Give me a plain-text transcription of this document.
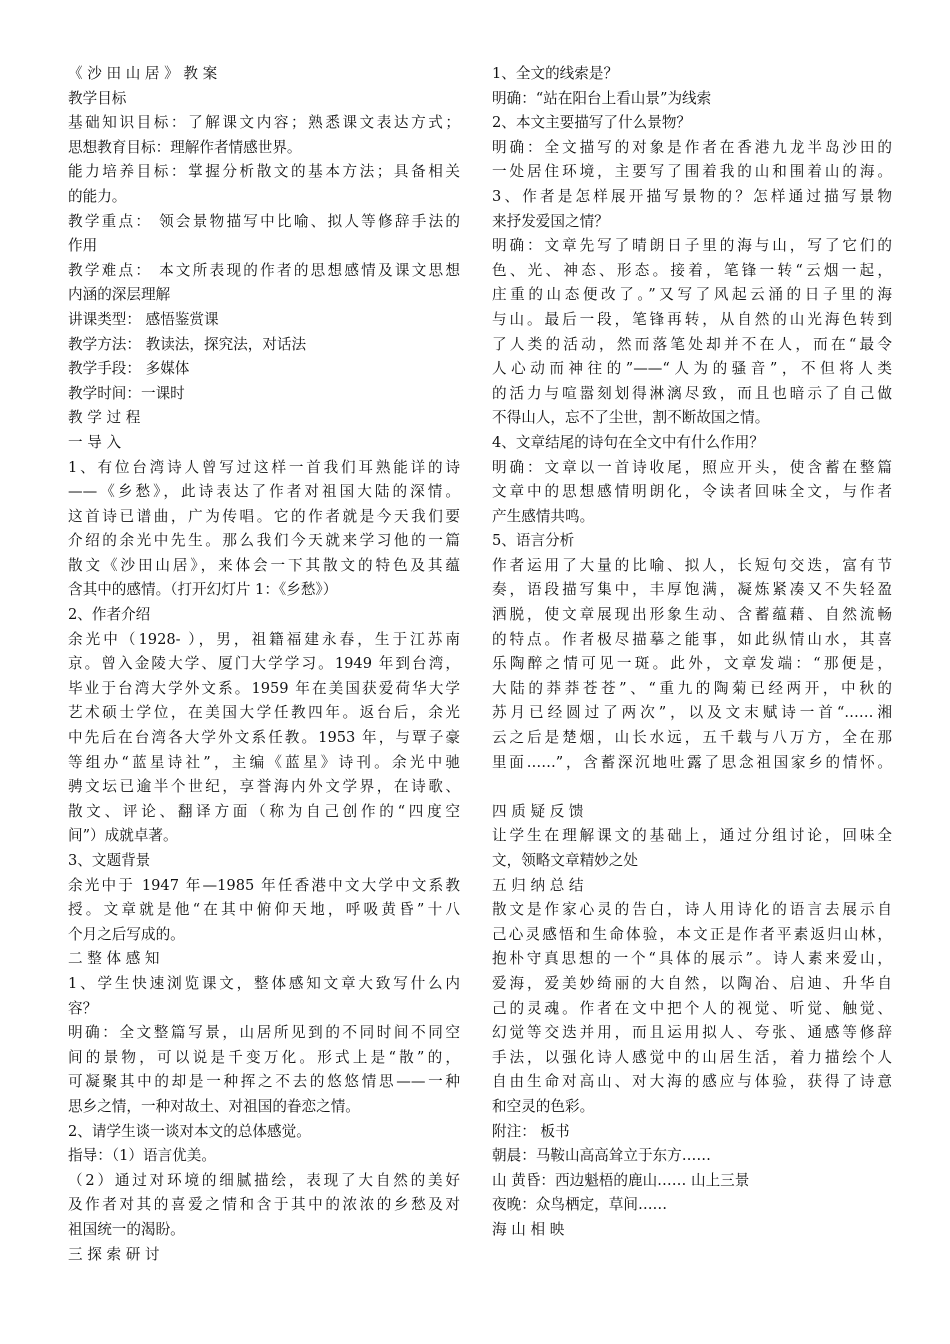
《 沙 田 山 居 》 教 案
教学目标
基础知识目标：了解课文内容；熟悉课文表达方式；
思想教育目标：理解作者情感世界。
能力培养目标：掌握分析散文的基本方法；具备相关
的能力。
教学重点： 领会景物描写中比喻、拟人等修辞手法的
作用
教学难点： 本文所表现的作者的思想感情及课文思想
内涵的深层理解
讲课类型： 感悟鉴赏课
教学方法： 教读法，探究法，对话法
教学手段： 多媒体
教学时间：一课时
教 学 过 程
一 导 入
1、有位台湾诗人曾写过这样一首我们耳熟能详的诗
——《乡愁》，此诗表达了作者对祖国大陆的深情。
这首诗已谱曲，广为传唱。它的作者就是今天我们要
介绍的余光中先生。那么我们今天就来学习他的一篇
散文《沙田山居》，来体会一下其散文的特色及其蕴
含其中的感情。（打开幻灯片 1：《乡愁》）
2、作者介绍
余光中（1928- ），男，祖籍福建永春，生于江苏南
京。曾入金陵大学、厦门大学学习。1949 年到台湾，
毕业于台湾大学外文系。1959 年在美国获爱荷华大学
艺术硕士学位，在美国大学任教四年。返台后，余光
中先后在台湾各大学外文系任教。1953 年，与覃子豪
等组办“蓝星诗社”，主编《蓝星》诗刊。余光中驰
骋文坛已逾半个世纪，享誉海内外文学界，在诗歌、
散文、评论、翻译方面（称为自己创作的“四度空
间”）成就卓著。
3、文题背景
余光中于 1947 年—1985 年任香港中文大学中文系教
授。文章就是他“在其中俯仰天地，呼吸黄昏”十八
个月之后写成的。
二 整 体 感 知
1、学生快速浏览课文，整体感知文章大致写什么内
容？
明确：全文整篇写景，山居所见到的不同时间不同空
间的景物，可以说是千变万化。形式上是“散”的，
可凝聚其中的却是一种挥之不去的悠悠情思——一种
思乡之情，一种对故土、对祖国的眷恋之情。
2、请学生谈一谈对本文的总体感觉。
指导：（1）语言优美。
（2）通过对环境的细腻描绘，表现了大自然的美好
及作者对其的喜爱之情和含于其中的浓浓的乡愁及对
祖国统一的渴盼。
三 探 索 研 讨
1、全文的线索是？
明确：“站在阳台上看山景”为线索
2、本文主要描写了什么景物？
明确：全文描写的对象是作者在香港九龙半岛沙田的
一处居住环境，主要写了围着我的山和围着山的海。
3、作者是怎样展开描写景物的？怎样通过描写景物
来抒发爱国之情？
明确：文章先写了晴朗日子里的海与山，写了它们的
色、光、神态、形态。接着，笔锋一转“云烟一起，
庄重的山态便改了。”又写了风起云涌的日子里的海
与山。最后一段，笔锋再转，从自然的山光海色转到
了人类的活动，然而落笔处却并不在人，而在“最令
人心动而神往的”——“人为的骚音”，不但将人类
的活力与喧嚣刻划得淋漓尽致，而且也暗示了自己做
不得山人，忘不了尘世，割不断故国之情。
4、文章结尾的诗句在全文中有什么作用？
明确：文章以一首诗收尾，照应开头，使含蓄在整篇
文章中的思想感情明朗化，令读者回味全文，与作者
产生感情共鸣。
5、语言分析
作者运用了大量的比喻、拟人，长短句交迭，富有节
奏，语段描写集中，丰厚饱满，凝炼紧凑又不失轻盈
洒脱，使文章展现出形象生动、含蓄蕴藉、自然流畅
的特点。作者极尽描摹之能事，如此纵情山水，其喜
乐陶醉之情可见一斑。此外，文章发端：“那便是，
大陆的莽莽苍苍”、“重九的陶菊已经两开，中秋的
苏月已经圆过了两次”，以及文末赋诗一首“……湘
云之后是楚烟，山长水远，五千载与八万方，全在那
里面……”，含蓄深沉地吐露了思念祖国家乡的情怀。
四 质 疑 反 馈
让学生在理解课文的基础上，通过分组讨论，回味全
文，领略文章精妙之处
五 归 纳 总 结
散文是作家心灵的告白，诗人用诗化的语言去展示自
己心灵感悟和生命体验，本文正是作者平素返归山林，
抱朴守真思想的一个“具体的展示”。诗人素来爱山，
爱海，爱美妙绮丽的大自然，以陶冶、启迪、升华自
己的灵魂。作者在文中把个人的视觉、听觉、触觉、
幻觉等交迭并用，而且运用拟人、夸张、通感等修辞
手法，以强化诗人感觉中的山居生活，着力描绘个人
自由生命对高山、对大海的感应与体验，获得了诗意
和空灵的色彩。
附注： 板书
朝晨：马鞍山高高耸立于东方……
山 黄昏：西边魁梧的鹿山…… 山上三景
夜晚：众鸟栖定，草间……
海 山 相 映
